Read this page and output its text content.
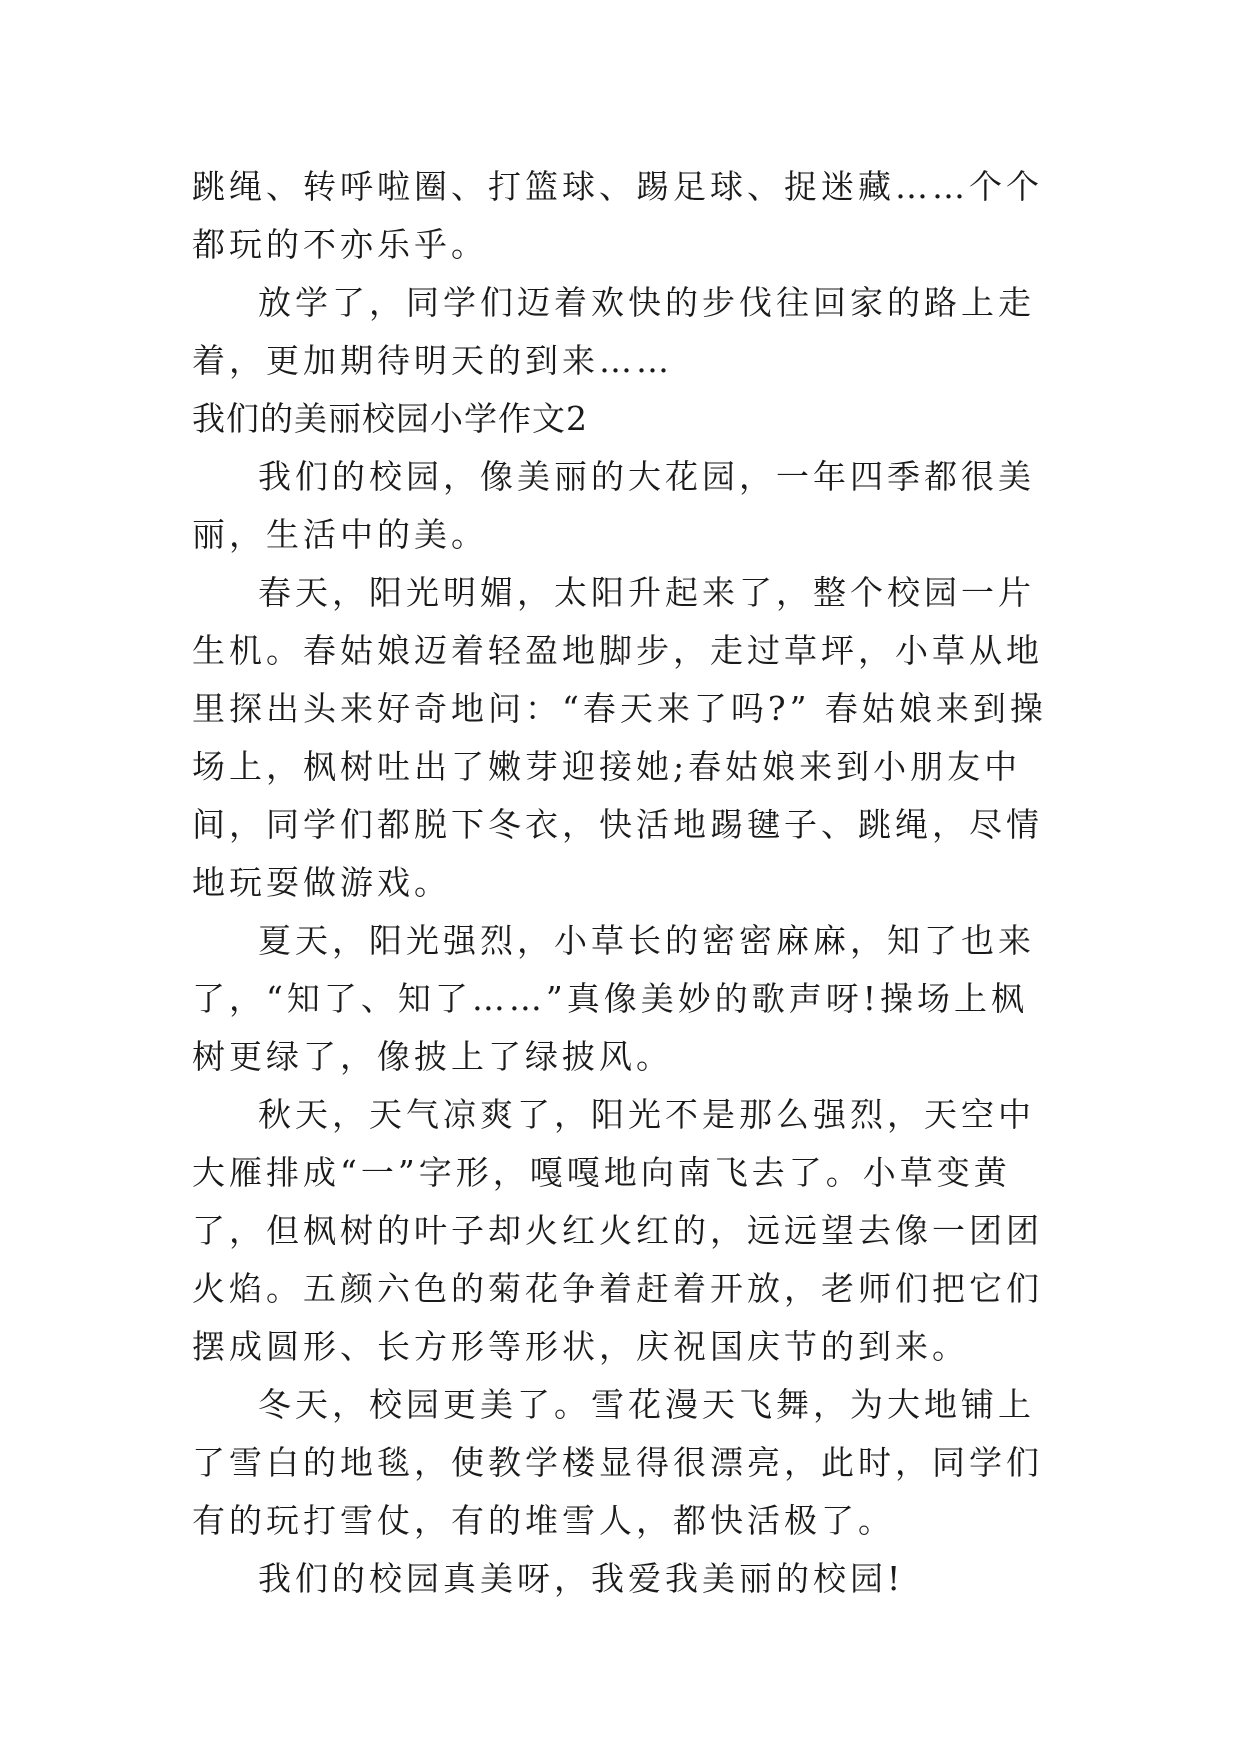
跳绳、转呼啦圈、打篮球、踢足球、捉迷藏……个个都玩的不亦乐乎。

放学了，同学们迈着欢快的步伐往回家的路上走着，更加期待明天的到来……

我们的美丽校园小学作文2

我们的校园，像美丽的大花园，一年四季都很美丽，生活中的美。

春天，阳光明媚，太阳升起来了，整个校园一片生机。春姑娘迈着轻盈地脚步，走过草坪，小草从地里探出头来好奇地问：“春天来了吗?” 春姑娘来到操场上，枫树吐出了嫩芽迎接她;春姑娘来到小朋友中间，同学们都脱下冬衣，快活地踢毽子、跳绳，尽情地玩耍做游戏。

夏天，阳光强烈，小草长的密密麻麻，知了也来了，“知了、知了……”真像美妙的歌声呀!操场上枫树更绿了，像披上了绿披风。

秋天，天气凉爽了，阳光不是那么强烈，天空中大雁排成“一”字形，嘎嘎地向南飞去了。小草变黄了，但枫树的叶子却火红火红的，远远望去像一团团火焰。五颜六色的菊花争着赶着开放，老师们把它们摆成圆形、长方形等形状，庆祝国庆节的到来。

冬天，校园更美了。雪花漫天飞舞，为大地铺上了雪白的地毯，使教学楼显得很漂亮，此时，同学们有的玩打雪仗，有的堆雪人，都快活极了。

我们的校园真美呀，我爱我美丽的校园!
